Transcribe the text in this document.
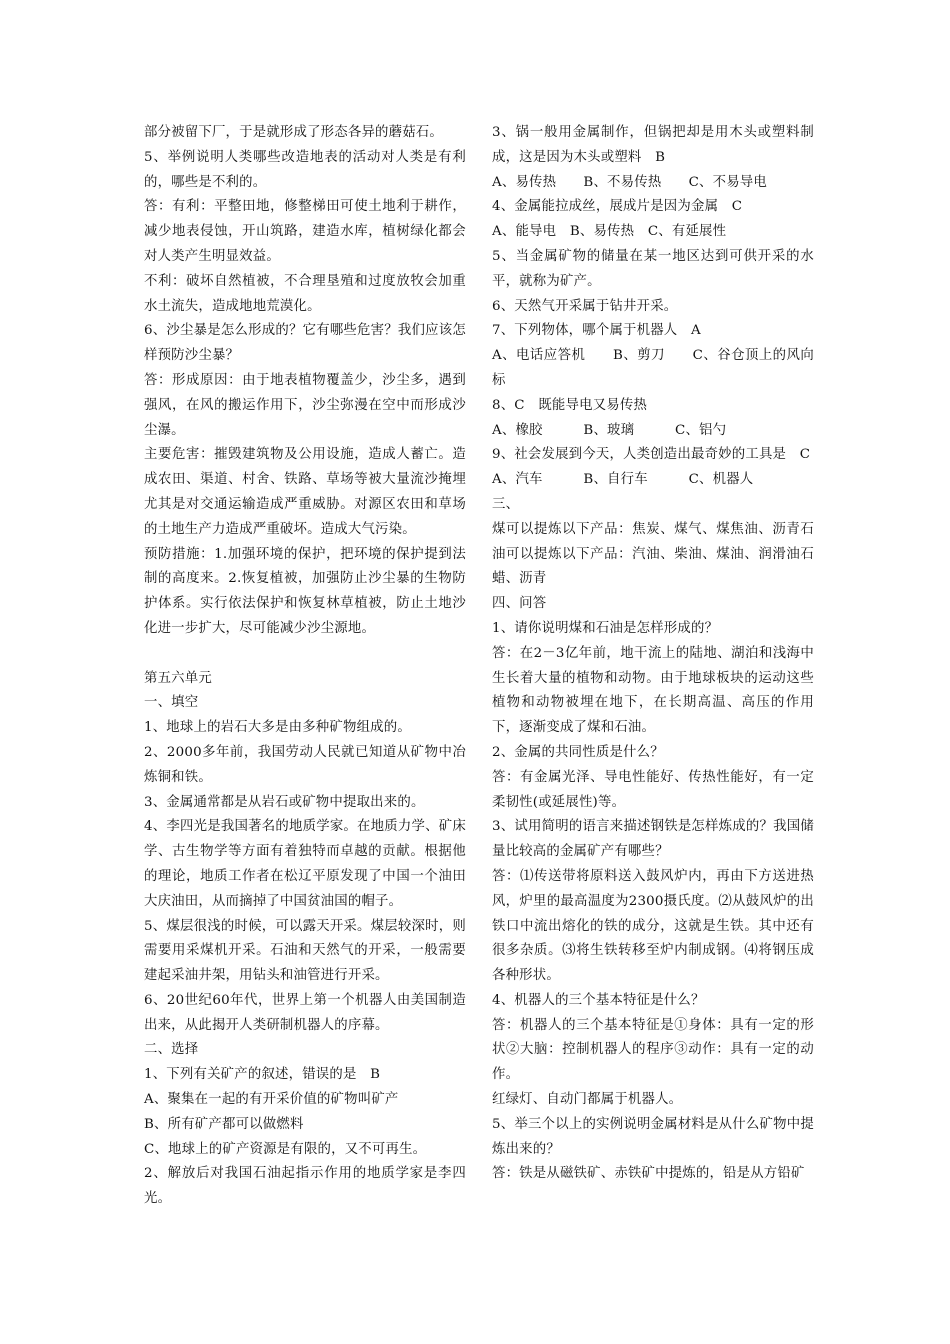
部分被留下厂，于是就形成了形态各异的蘑菇石。

5、举例说明人类哪些改造地表的活动对人类是有利的，哪些是不利的。

答：有利：平整田地，修整梯田可使土地利于耕作，减少地表侵蚀，开山筑路，建造水库，植树绿化都会对人类产生明显效益。

不利：破坏自然植被，不合理垦殖和过度放牧会加重水土流失，造成地地荒漠化。

6、沙尘暴是怎么形成的？它有哪些危害？我们应该怎样预防沙尘暴？

答：形成原因：由于地表植物覆盖少，沙尘多，遇到强风，在风的搬运作用下，沙尘弥漫在空中而形成沙尘瀑。

主要危害：摧毁建筑物及公用设施，造成人蓄亡。造成农田、渠道、村舍、铁路、草场等被大量流沙掩埋尤其是对交通运输造成严重威胁。对源区农田和草场的土地生产力造成严重破坏。造成大气污染。

预防措施：1.加强环境的保护，把环境的保护提到法制的高度来。2.恢复植被，加强防止沙尘暴的生物防护体系。实行依法保护和恢复林草植被，防止土地沙化进一步扩大，尽可能减少沙尘源地。

第五六单元

一、填空

1、地球上的岩石大多是由多种矿物组成的。

2、2000多年前，我国劳动人民就已知道从矿物中冶炼铜和铁。

3、金属通常都是从岩石或矿物中提取出来的。

4、李四光是我国著名的地质学家。在地质力学、矿床学、古生物学等方面有着独特而卓越的贡献。根据他的理论，地质工作者在松辽平原发现了中国一个油田大庆油田，从而摘掉了中国贫油国的帽子。

5、煤层很浅的时候，可以露天开采。煤层较深时，则需要用采煤机开采。石油和天然气的开采，一般需要建起采油井架，用钻头和油管进行开采。

6、20世纪60年代，世界上第一个机器人由美国制造出来，从此揭开人类研制机器人的序幕。

二、选择

1、下列有关矿产的叙述，错误的是　B

A、聚集在一起的有开采价值的矿物叫矿产

B、所有矿产都可以做燃料

C、地球上的矿产资源是有限的，又不可再生。

2、解放后对我国石油起指示作用的地质学家是李四光。

3、锅一般用金属制作，但锅把却是用木头或塑料制成，这是因为木头或塑料　B

A、易传热　　B、不易传热　　C、不易导电

4、金属能拉成丝，展成片是因为金属　C

A、能导电　B、易传热　C、有延展性

5、当金属矿物的储量在某一地区达到可供开采的水平，就称为矿产。

6、天然气开采属于钻井开采。

7、下列物体，哪个属于机器人　A

A、电话应答机　　B、剪刀　　C、谷仓顶上的风向标

8、C　既能导电又易传热

A、橡胶　　　B、玻璃　　　C、铝勺

9、社会发展到今天，人类创造出最奇妙的工具是　C

A、汽车　　　B、自行车　　　C、机器人

三、

煤可以提炼以下产品：焦炭、煤气、煤焦油、沥青石油可以提炼以下产品：汽油、柴油、煤油、润滑油石蜡、沥青

四、问答

1、请你说明煤和石油是怎样形成的？

答：在2－3亿年前，地干流上的陆地、湖泊和浅海中生长着大量的植物和动物。由于地球板块的运动这些植物和动物被埋在地下，在长期高温、高压的作用下，逐渐变成了煤和石油。

2、金属的共同性质是什么？

答：有金属光泽、导电性能好、传热性能好，有一定柔韧性(或延展性)等。

3、试用简明的语言来描述钢铁是怎样炼成的？我国储量比较高的金属矿产有哪些？

答：⑴传送带将原料送入鼓风炉内，再由下方送进热风，炉里的最高温度为2300摄氏度。⑵从鼓风炉的出铁口中流出熔化的铁的成分，这就是生铁。其中还有很多杂质。⑶将生铁转移至炉内制成钢。⑷将钢压成各种形状。

4、机器人的三个基本特征是什么？

答：机器人的三个基本特征是①身体：具有一定的形状②大脑：控制机器人的程序③动作：具有一定的动作。

红绿灯、自动门都属于机器人。

5、举三个以上的实例说明金属材料是从什么矿物中提炼出来的？

答：铁是从磁铁矿、赤铁矿中提炼的，铅是从方铅矿
